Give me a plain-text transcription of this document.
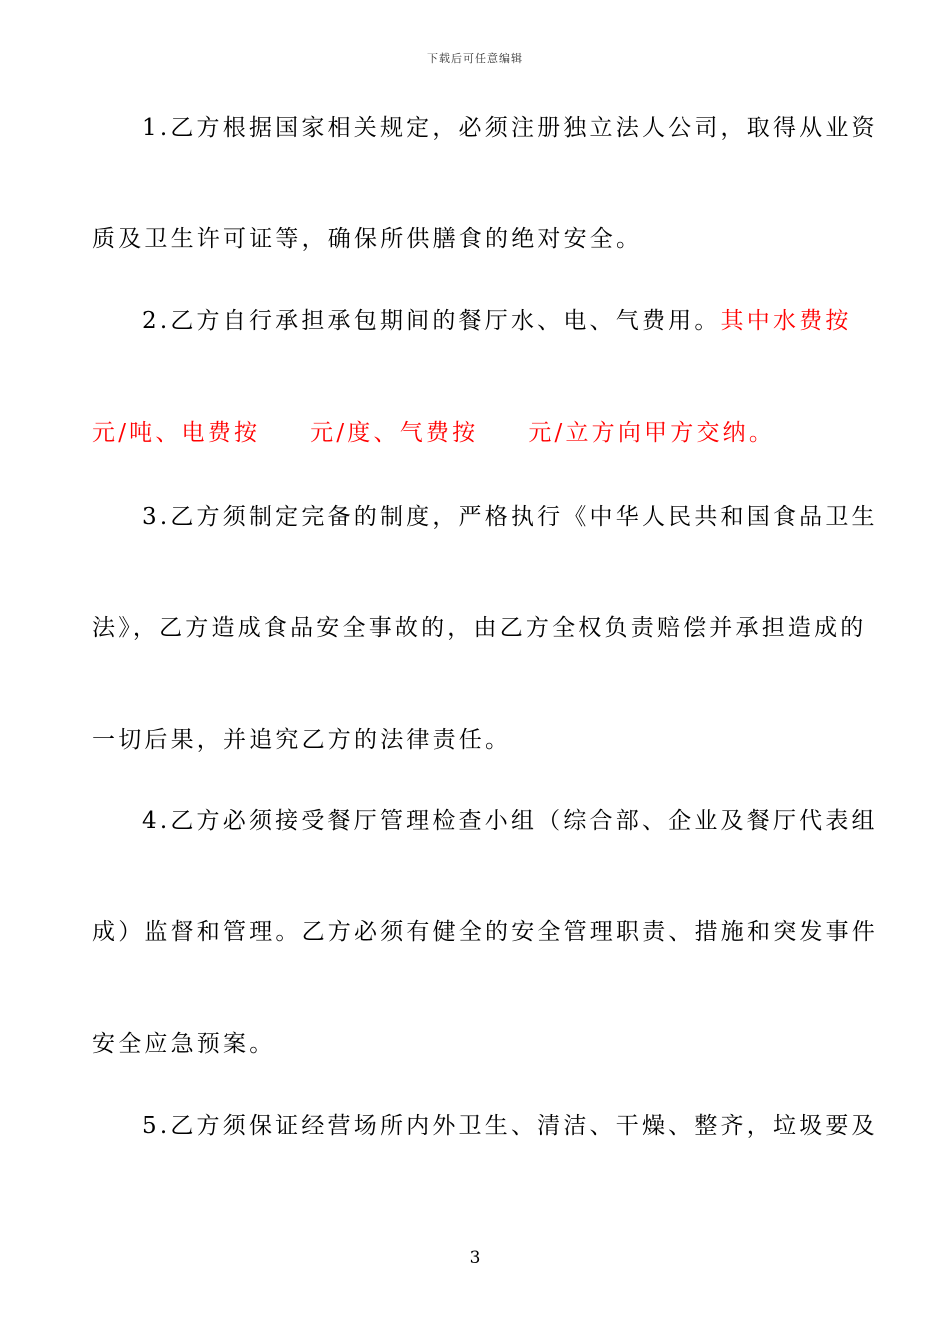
下载后可任意编辑
1.乙方根据国家相关规定，必须注册独立法人公司，取得从业资
质及卫生许可证等，确保所供膳食的绝对安全。
2.乙方自行承担承包期间的餐厅水、电、气费用。其中水费按
元/吨、电费按 元/度、气费按 元/立方向甲方交纳。
3.乙方须制定完备的制度，严格执行《中华人民共和国食品卫生
法》，乙方造成食品安全事故的，由乙方全权负责赔偿并承担造成的
一切后果，并追究乙方的法律责任。
4.乙方必须接受餐厅管理检查小组（综合部、企业及餐厅代表组
成）监督和管理。乙方必须有健全的安全管理职责、措施和突发事件
安全应急预案。
5.乙方须保证经营场所内外卫生、清洁、干燥、整齐，垃圾要及
3
